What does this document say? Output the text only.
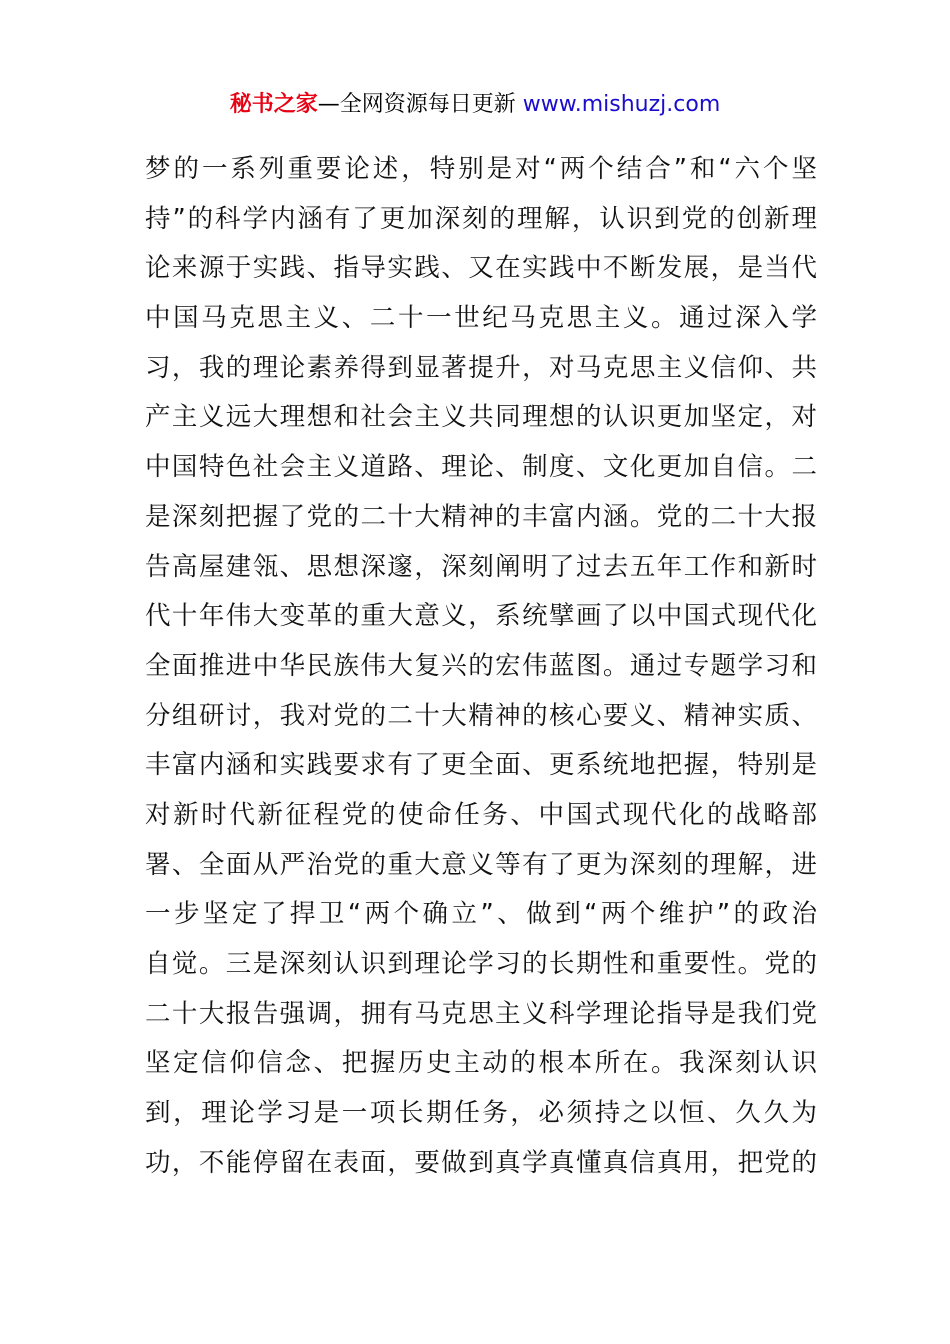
秘书之家—全网资源每日更新 www.mishuzj.com
梦的一系列重要论述，特别是对“两个结合”和“六个坚
持”的科学内涵有了更加深刻的理解，认识到党的创新理
论来源于实践、指导实践、又在实践中不断发展，是当代
中国马克思主义、二十一世纪马克思主义。通过深入学
习，我的理论素养得到显著提升，对马克思主义信仰、共
产主义远大理想和社会主义共同理想的认识更加坚定，对
中国特色社会主义道路、理论、制度、文化更加自信。二
是深刻把握了党的二十大精神的丰富内涵。党的二十大报
告高屋建瓴、思想深邃，深刻阐明了过去五年工作和新时
代十年伟大变革的重大意义，系统擘画了以中国式现代化
全面推进中华民族伟大复兴的宏伟蓝图。通过专题学习和
分组研讨，我对党的二十大精神的核心要义、精神实质、
丰富内涵和实践要求有了更全面、更系统地把握，特别是
对新时代新征程党的使命任务、中国式现代化的战略部
署、全面从严治党的重大意义等有了更为深刻的理解，进
一步坚定了捍卫“两个确立”、做到“两个维护”的政治
自觉。三是深刻认识到理论学习的长期性和重要性。党的
二十大报告强调，拥有马克思主义科学理论指导是我们党
坚定信仰信念、把握历史主动的根本所在。我深刻认识
到，理论学习是一项长期任务，必须持之以恒、久久为
功，不能停留在表面，要做到真学真懂真信真用，把党的
